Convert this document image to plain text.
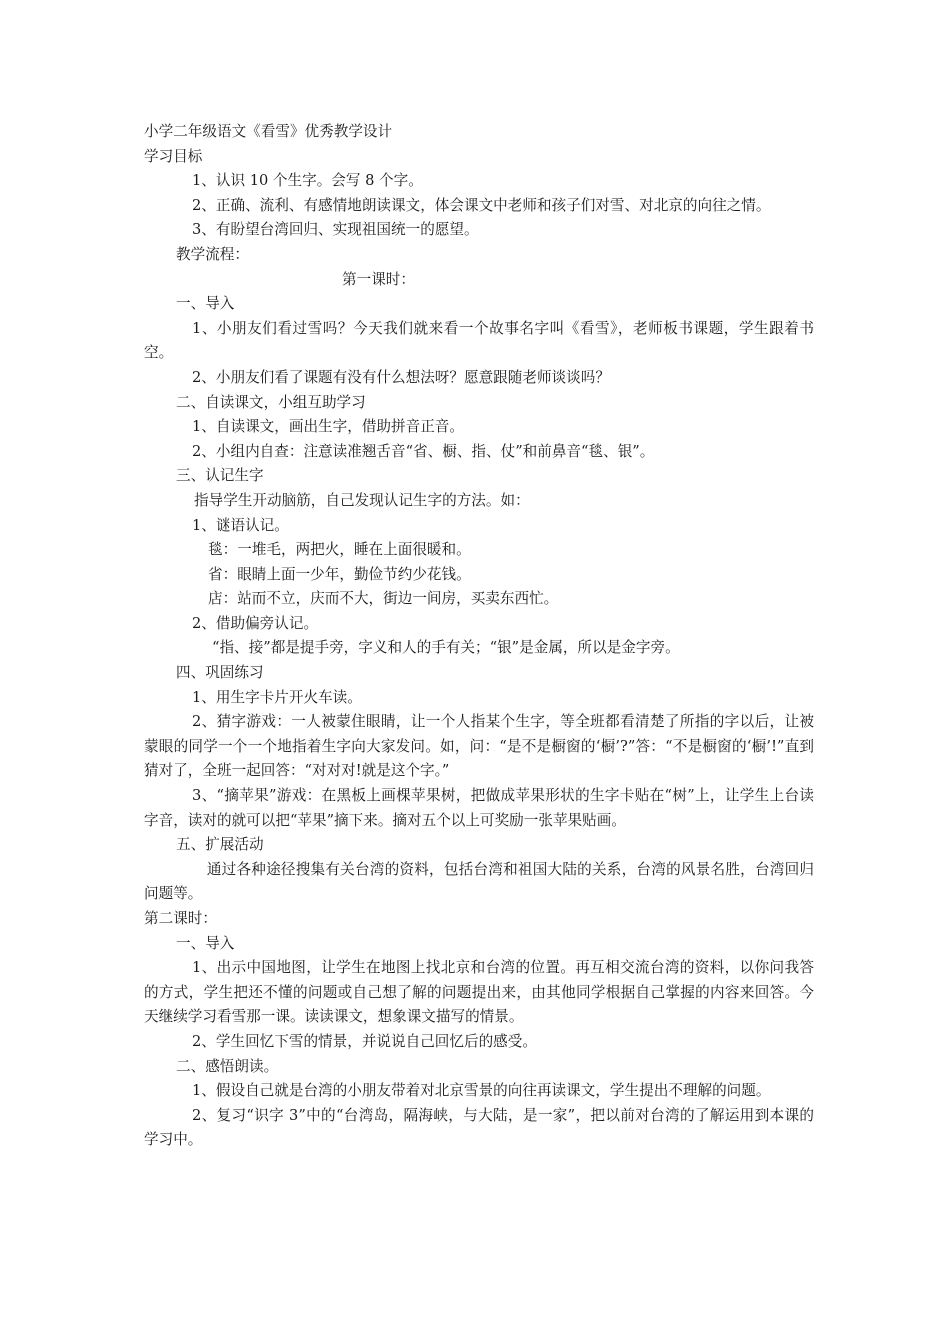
小学二年级语文《看雪》优秀教学设计

学习目标

1、认识 10 个生字。会写 8 个字。

2、正确、流利、有感情地朗读课文，体会课文中老师和孩子们对雪、对北京的向往之情。

3、有盼望台湾回归、实现祖国统一的愿望。

教学流程：

第一课时：

一、导入

1、小朋友们看过雪吗？今天我们就来看一个故事名字叫《看雪》，老师板书课题，学生跟着书空。

2、小朋友们看了课题有没有什么想法呀？愿意跟随老师谈谈吗？

二、自读课文，小组互助学习

1、自读课文，画出生字，借助拼音正音。

2、小组内自查：注意读准翘舌音“省、橱、指、仗”和前鼻音“毯、银”。

三、认记生字

指导学生开动脑筋，自己发现认记生字的方法。如：

1、谜语认记。

毯：一堆毛，两把火，睡在上面很暖和。

省：眼睛上面一少年，勤俭节约少花钱。

店：站而不立，庆而不大，街边一间房，买卖东西忙。

2、借助偏旁认记。

“指、接”都是提手旁，字义和人的手有关；“银”是金属，所以是金字旁。

四、巩固练习

1、用生字卡片开火车读。

2、猜字游戏：一人被蒙住眼睛，让一个人指某个生字，等全班都看清楚了所指的字以后，让被蒙眼的同学一个一个地指着生字向大家发问。如，问：“是不是橱窗的‘橱’?”答：“不是橱窗的‘橱’!”直到猜对了，全班一起回答：“对对对!就是这个字。”

3、“摘苹果”游戏：在黑板上画棵苹果树，把做成苹果形状的生字卡贴在“树”上，让学生上台读字音，读对的就可以把“苹果”摘下来。摘对五个以上可奖励一张苹果贴画。

五、扩展活动

　通过各种途径搜集有关台湾的资料，包括台湾和祖国大陆的关系，台湾的风景名胜，台湾回归问题等。

第二课时：

一、导入

1、出示中国地图，让学生在地图上找北京和台湾的位置。再互相交流台湾的资料，以你问我答的方式，学生把还不懂的问题或自己想了解的问题提出来，由其他同学根据自己掌握的内容来回答。今天继续学习看雪那一课。读读课文，想象课文描写的情景。

2、学生回忆下雪的情景，并说说自己回忆后的感受。

二、感悟朗读。

1、假设自己就是台湾的小朋友带着对北京雪景的向往再读课文，学生提出不理解的问题。

2、复习“识字 3”中的“台湾岛，隔海峡，与大陆，是一家”，把以前对台湾的了解运用到本课的学习中。
